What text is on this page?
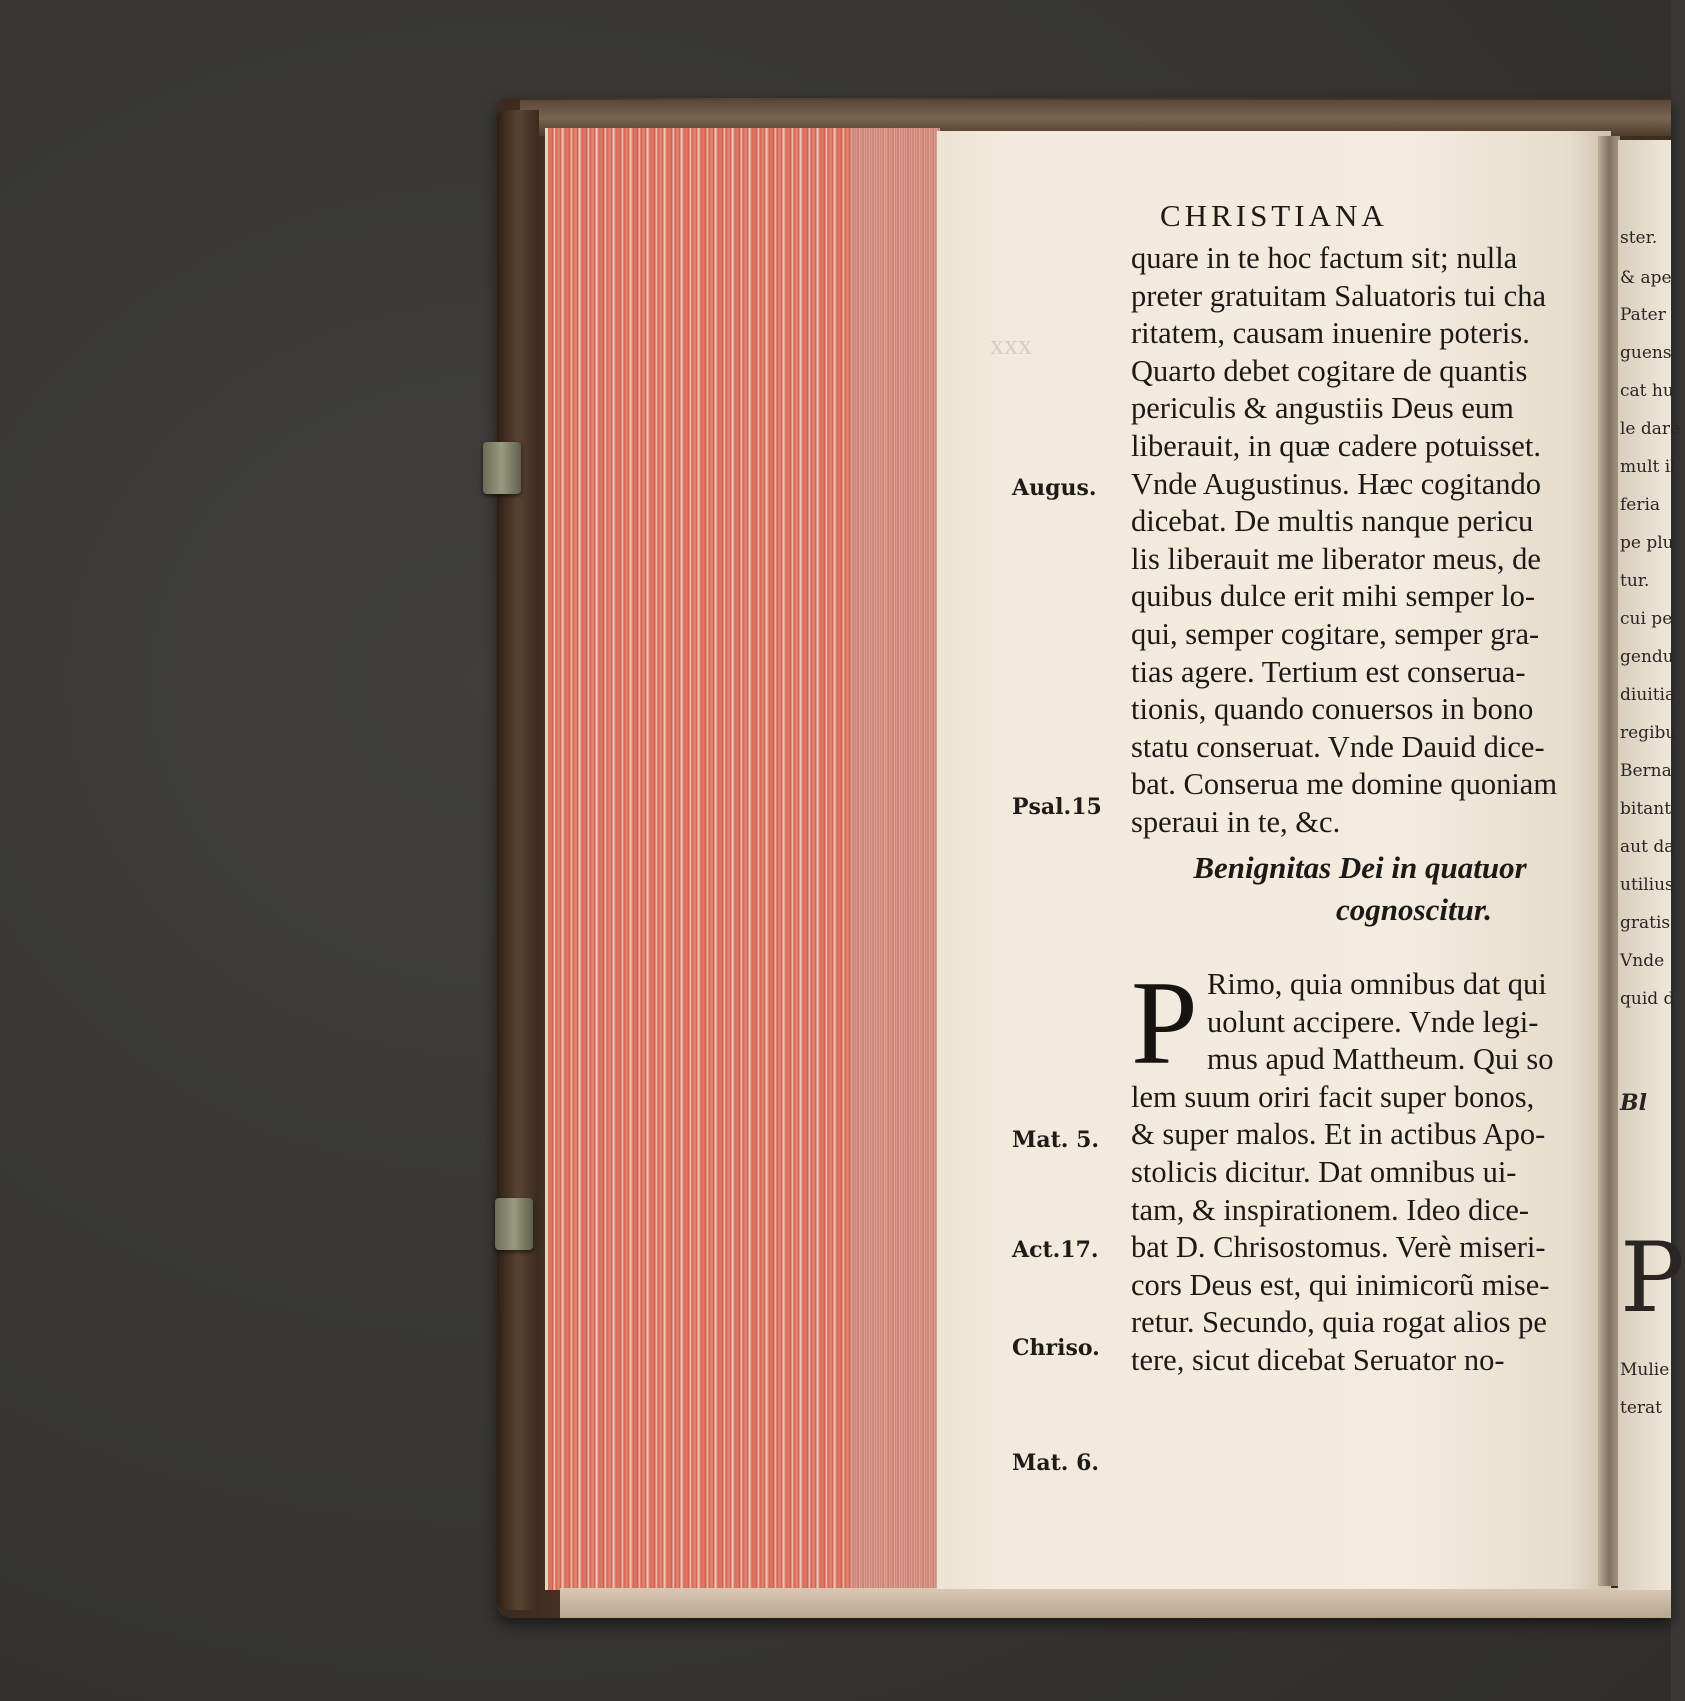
xxx
CHRISTIANA
quare in te hoc factum sit; nulla
preter gratuitam Saluatoris tui cha
ritatem, causam inuenire poteris.
Quarto debet cogitare de quantis
periculis & angustiis Deus eum
liberauit, in quæ cadere potuisset.
Vnde Augustinus. Hæc cogitando
dicebat. De multis nanque pericu
lis liberauit me liberator meus, de
quibus dulce erit mihi semper lo-
qui, semper cogitare, semper gra-
tias agere. Tertium est conserua-
tionis, quando conuersos in bono
statu conseruat. Vnde Dauid dice-
bat. Conserua me domine quoniam
speraui in te, &c.
Benignitas Dei in quatuor
cognoscitur.
P Rimo, quia omnibus dat qui
uolunt accipere. Vnde legi-
mus apud Mattheum. Qui so
lem suum oriri facit super bonos,
& super malos. Et in actibus Apo-
stolicis dicitur. Dat omnibus ui-
tam, & inspirationem. Ideo dice-
bat D. Chrisostomus. Verè miseri-
cors Deus est, qui inimicorũ mise-
retur. Secundo, quia rogat alios pe
tere, sicut dicebat Seruator no-
Augus.
Psal.15
Mat. 5.
Act.17.
Chriso.
Mat. 6.
ster.
& ape
Pater
guens
cat hu
le dare
mult il
feria
pe plu
tur.
cui pe
gendu
diuitia
regibu
Berna
bitant
aut da
utilius
gratis
Vnde
quid d
Bl
P
Mulie
terat
